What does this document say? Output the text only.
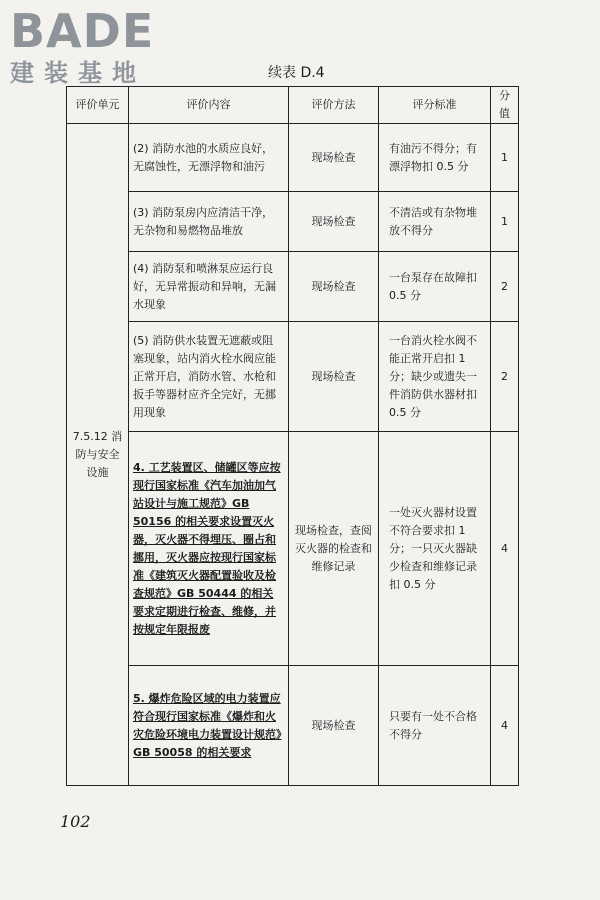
BADE
建装基地	续表 D.4
评价单元	评价内容	评价方法	评分标准	分值
7.5.12 消防与安全设施	(2) 消防水池的水质应良好，无腐蚀性，无漂浮物和油污	现场检查	有油污不得分；有漂浮物扣 0.5 分	1
	(3) 消防泵房内应清洁干净，无杂物和易燃物品堆放	现场检查	不清洁或有杂物堆放不得分	1
	(4) 消防泵和喷淋泵应运行良好，无异常振动和异响，无漏水现象	现场检查	一台泵存在故障扣 0.5 分	2
	(5) 消防供水装置无遮蔽或阻塞现象，站内消火栓水阀应能正常开启，消防水管、水枪和扳手等器材应齐全完好，无挪用现象	现场检查	一台消火栓水阀不能正常开启扣 1 分；缺少或遗失一件消防供水器材扣 0.5 分	2
	4. 工艺装置区、储罐区等应按现行国家标准《汽车加油加气站设计与施工规范》GB 50156 的相关要求设置灭火器，灭火器不得埋压、圈占和挪用，灭火器应按现行国家标准《建筑灭火器配置验收及检查规范》GB 50444 的相关要求定期进行检查、维修，并按规定年限报废	现场检查，查阅灭火器的检查和维修记录	一处灭火器材设置不符合要求扣 1 分；一只灭火器缺少检查和维修记录扣 0.5 分	4
	5. 爆炸危险区域的电力装置应符合现行国家标准《爆炸和火灾危险环境电力装置设计规范》GB 50058 的相关要求	现场检查	只要有一处不合格不得分	4
102
